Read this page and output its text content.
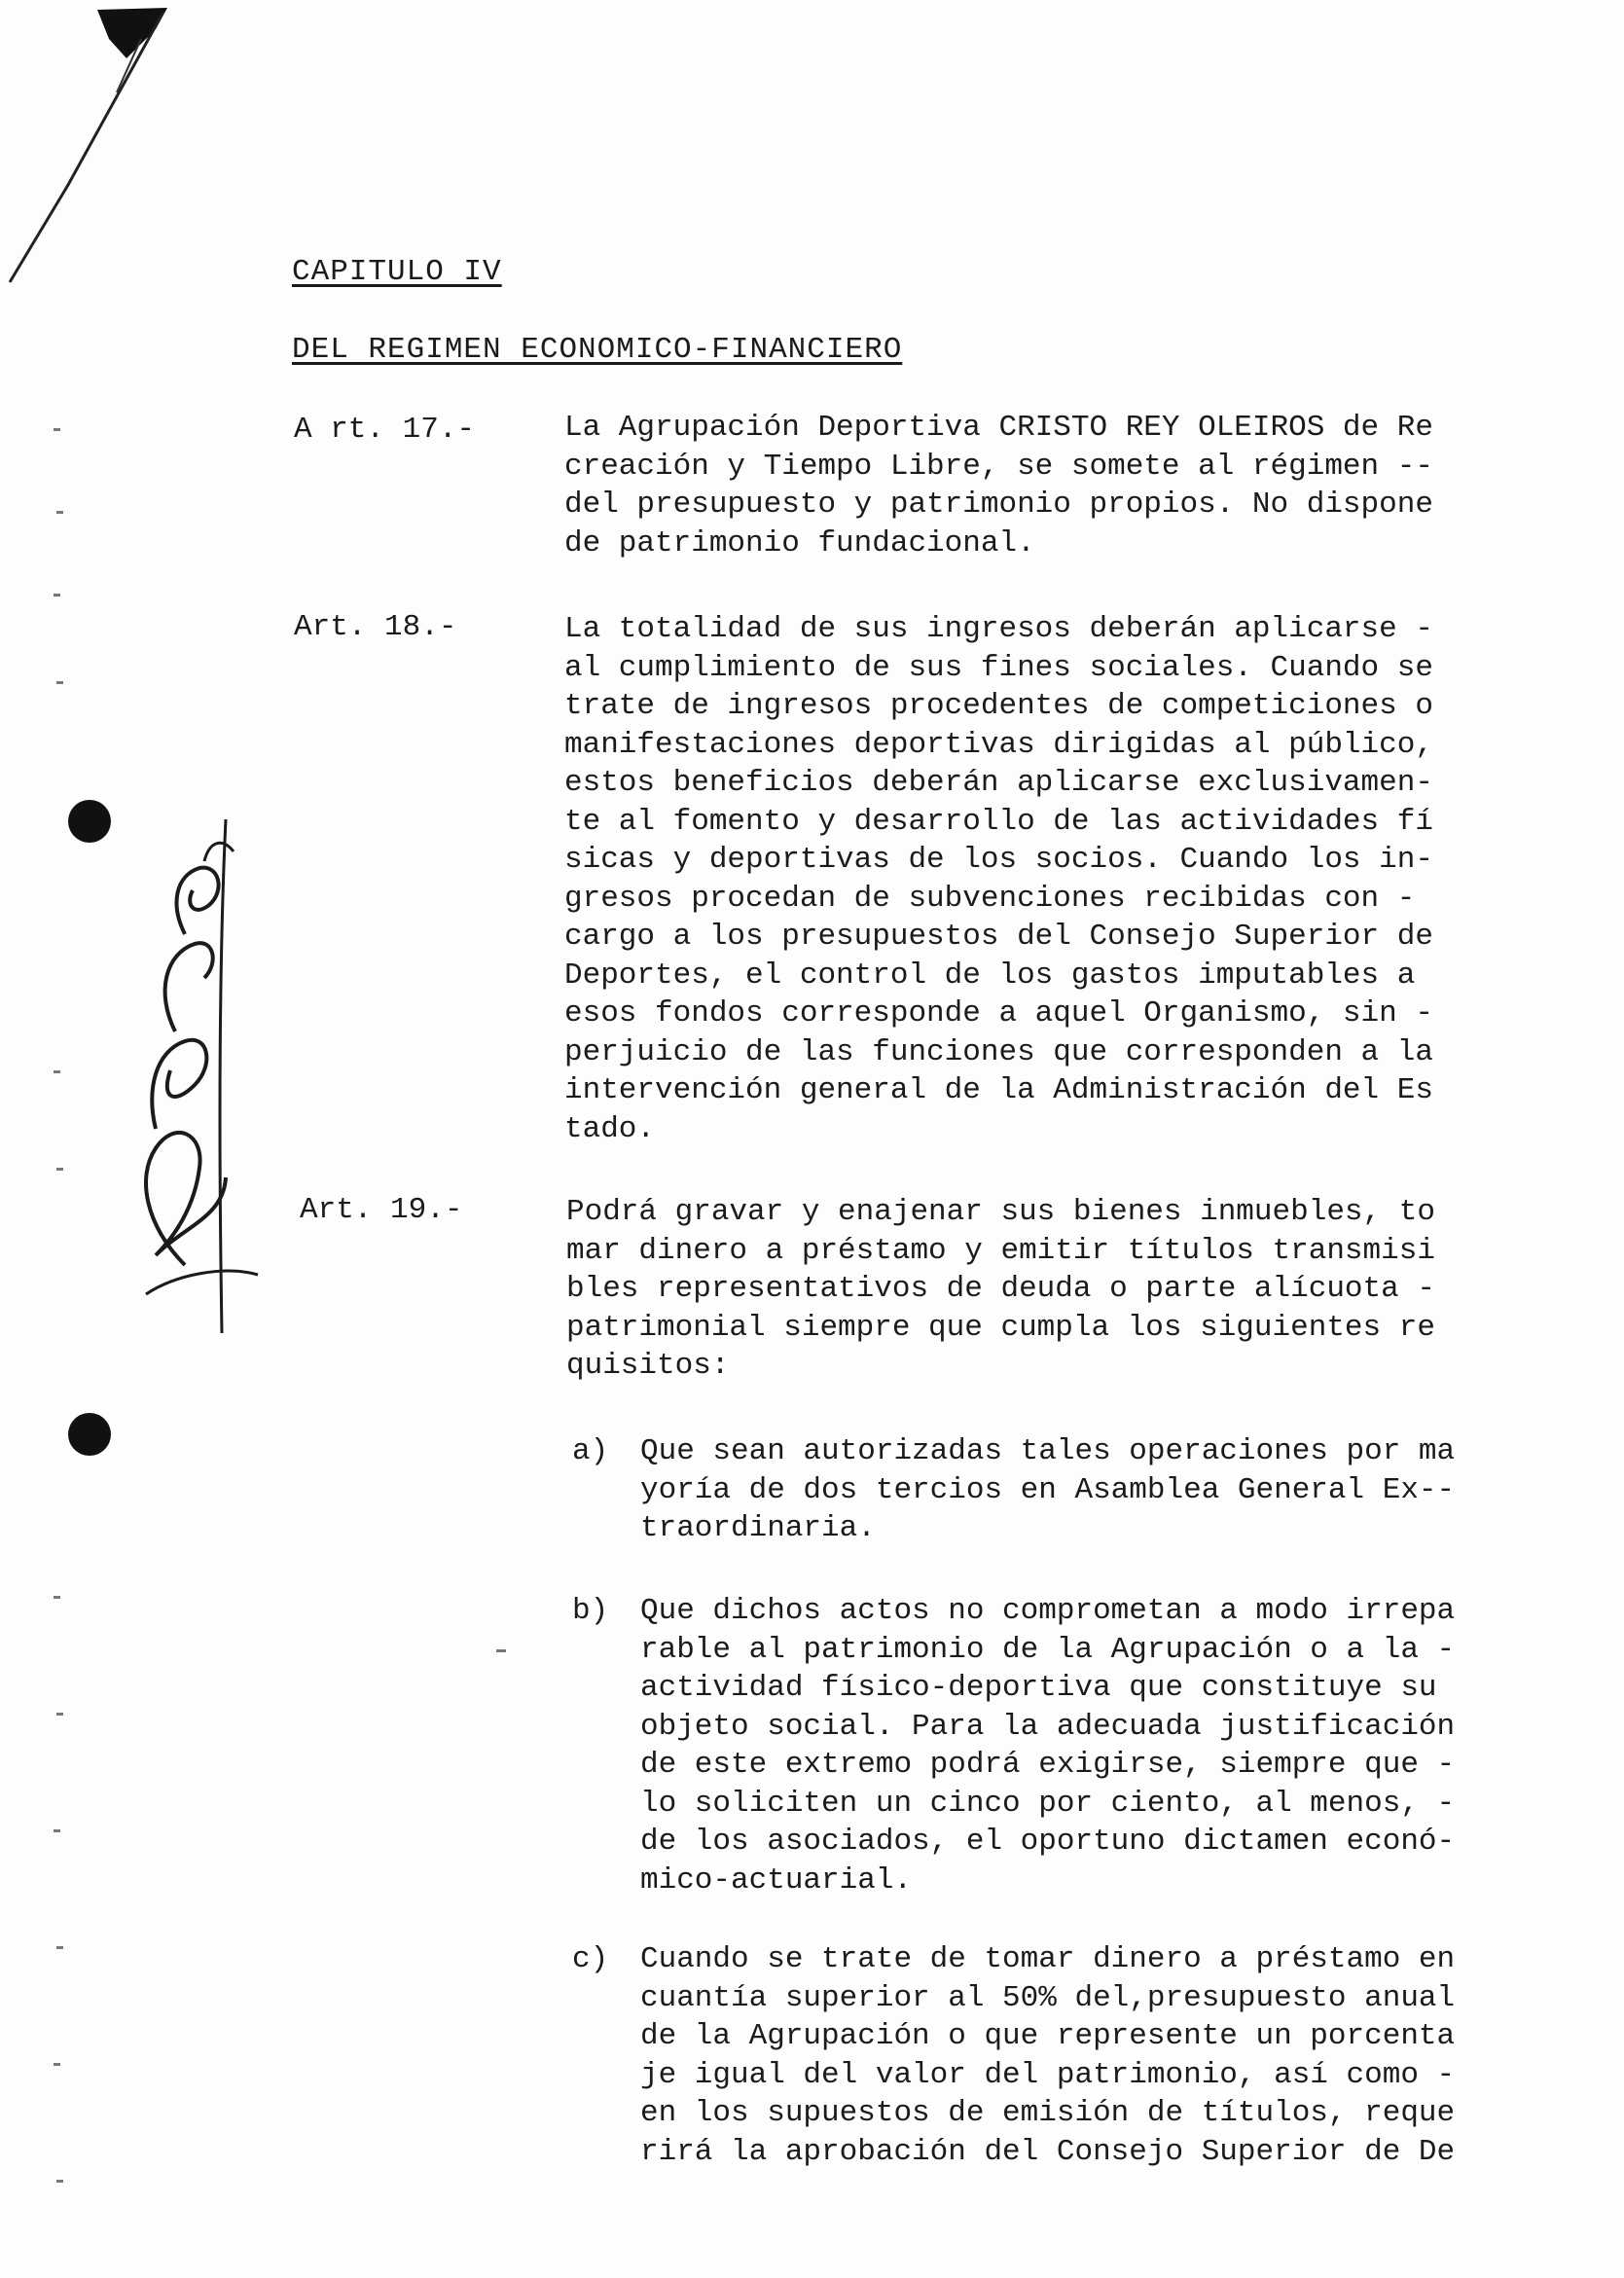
CAPITULO IV
DEL REGIMEN ECONOMICO-FINANCIERO
A rt. 17.-	La Agrupación Deportiva CRISTO REY OLEIROS de Re
creación y Tiempo Libre, se somete al régimen --
del presupuesto y patrimonio propios. No dispone
de patrimonio fundacional.
Art. 18.-	La totalidad de sus ingresos deberán aplicarse -
al cumplimiento de sus fines sociales. Cuando se
trate de ingresos procedentes de competiciones o
manifestaciones deportivas dirigidas al público,
estos beneficios deberán aplicarse exclusivamen-
te al fomento y desarrollo de las actividades fí
sicas y deportivas de los socios. Cuando los in-
gresos procedan de subvenciones recibidas con -
cargo a los presupuestos del Consejo Superior de
Deportes, el control de los gastos imputables a
esos fondos corresponde a aquel Organismo, sin -
perjuicio de las funciones que corresponden a la
intervención general de la Administración del Es
tado.
Art. 19.-	Podrá gravar y enajenar sus bienes inmuebles, to
mar dinero a préstamo y emitir títulos transmisi
bles representativos de deuda o parte alícuota -
patrimonial siempre que cumpla los siguientes re
quisitos:
a)	Que sean autorizadas tales operaciones por ma
yoría de dos tercios en Asamblea General Ex--
traordinaria.
b)	Que dichos actos no comprometan a modo irrepa
rable al patrimonio de la Agrupación o a la -
actividad físico-deportiva que constituye su
objeto social. Para la adecuada justificación
de este extremo podrá exigirse, siempre que -
lo soliciten un cinco por ciento, al menos, -
de los asociados, el oportuno dictamen econó-
mico-actuarial.
c)	Cuando se trate de tomar dinero a préstamo en
cuantía superior al 50% del,presupuesto anual
de la Agrupación o que represente un porcenta
je igual del valor del patrimonio, así como -
en los supuestos de emisión de títulos, reque
rirá la aprobación del Consejo Superior de De
